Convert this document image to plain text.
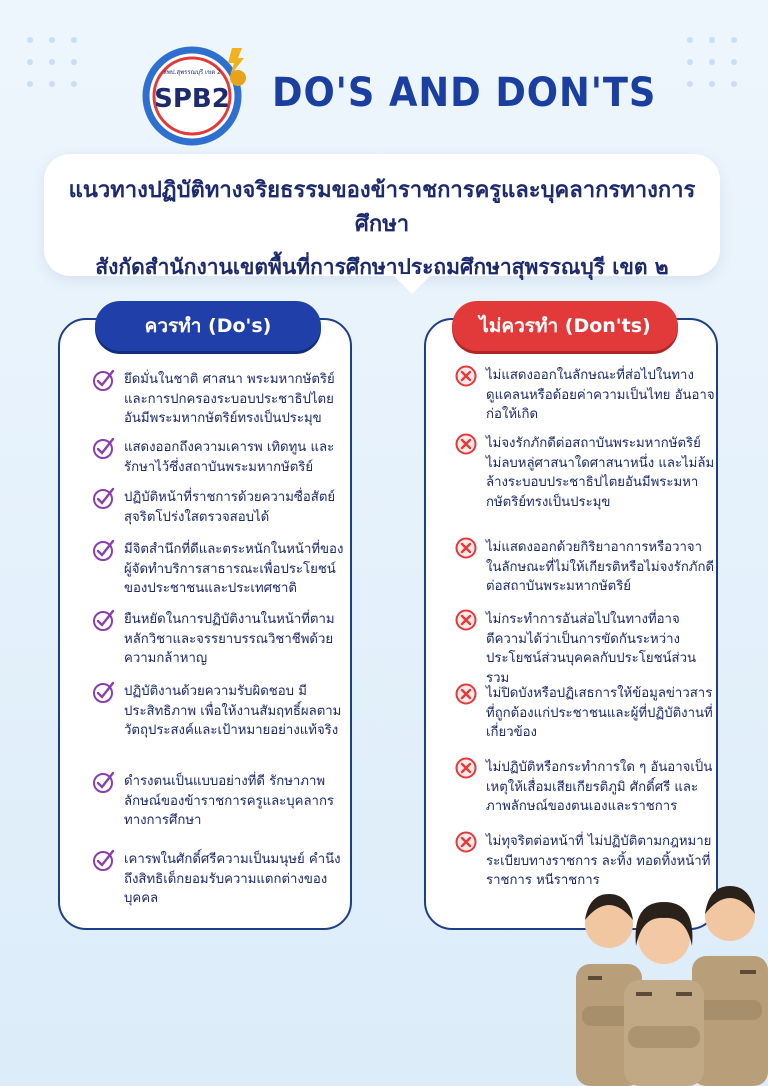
SPB2
สพป.สุพรรณบุรี เขต 2 DO'S AND DON'TS
แนวทางปฏิบัติทางจริยธรรมของข้าราชการครูและบุคลากรทางการศึกษา
สังกัดสำนักงานเขตพื้นที่การศึกษาประถมศึกษาสุพรรณบุรี เขต ๒
ยึดมั่นในชาติ ศาสนา พระมหากษัตริย์ และการปกครองระบอบประชาธิปไตย อันมีพระมหากษัตริย์ทรงเป็นประมุข
แสดงออกถึงความเคารพ เทิดทูน และรักษาไว้ซึ่งสถาบันพระมหากษัตริย์
ปฏิบัติหน้าที่ราชการด้วยความซื่อสัตย์ สุจริตโปร่งใสตรวจสอบได้
มีจิตสำนึกที่ดีและตระหนักในหน้าที่ของผู้จัดทำบริการสาธารณะเพื่อประโยชน์ของประชาชนและประเทศชาติ
ยืนหยัดในการปฏิบัติงานในหน้าที่ตามหลักวิชาและจรรยาบรรณวิชาชีพด้วยความกล้าหาญ
ปฏิบัติงานด้วยความรับผิดชอบ มีประสิทธิภาพ เพื่อให้งานสัมฤทธิ์ผลตามวัตถุประสงค์และเป้าหมายอย่างแท้จริง
ดำรงตนเป็นแบบอย่างที่ดี รักษาภาพลักษณ์ของข้าราชการครูและบุคลากรทางการศึกษา
เคารพในศักดิ์ศรีความเป็นมนุษย์ คำนึงถึงสิทธิเด็กยอมรับความแตกต่างของบุคคล
ไม่แสดงออกในลักษณะที่ส่อไปในทางดูแคลนหรือด้อยค่าความเป็นไทย อันอาจก่อให้เกิด
ไม่จงรักภักดีต่อสถาบันพระมหากษัตริย์ ไม่ลบหลู่ศาสนาใดศาสนาหนึ่ง และไม่ล้มล้างระบอบประชาธิปไตยอันมีพระมหากษัตริย์ทรงเป็นประมุข
ไม่แสดงออกด้วยกิริยาอาการหรือวาจาในลักษณะที่ไม่ให้เกียรติหรือไม่จงรักภักดีต่อสถาบันพระมหากษัตริย์
ไม่กระทำการอันส่อไปในทางที่อาจตีความได้ว่าเป็นการขัดกันระหว่างประโยชน์ส่วนบุคคลกับประโยชน์ส่วนรวม
ไม่ปิดบังหรือปฏิเสธการให้ข้อมูลข่าวสารที่ถูกต้องแก่ประชาชนและผู้ที่ปฏิบัติงานที่เกี่ยวข้อง
ไม่ปฏิบัติหรือกระทำการใด ๆ อันอาจเป็นเหตุให้เสื่อมเสียเกียรติภูมิ ศักดิ์ศรี และภาพลักษณ์ของตนเองและราชการ
ไม่ทุจริตต่อหน้าที่ ไม่ปฏิบัติตามกฎหมาย ระเบียบทางราชการ ละทิ้ง ทอดทิ้งหน้าที่ราชการ หนีราชการ
ควรทำ (Do's)	ไม่ควรทำ (Don'ts)
